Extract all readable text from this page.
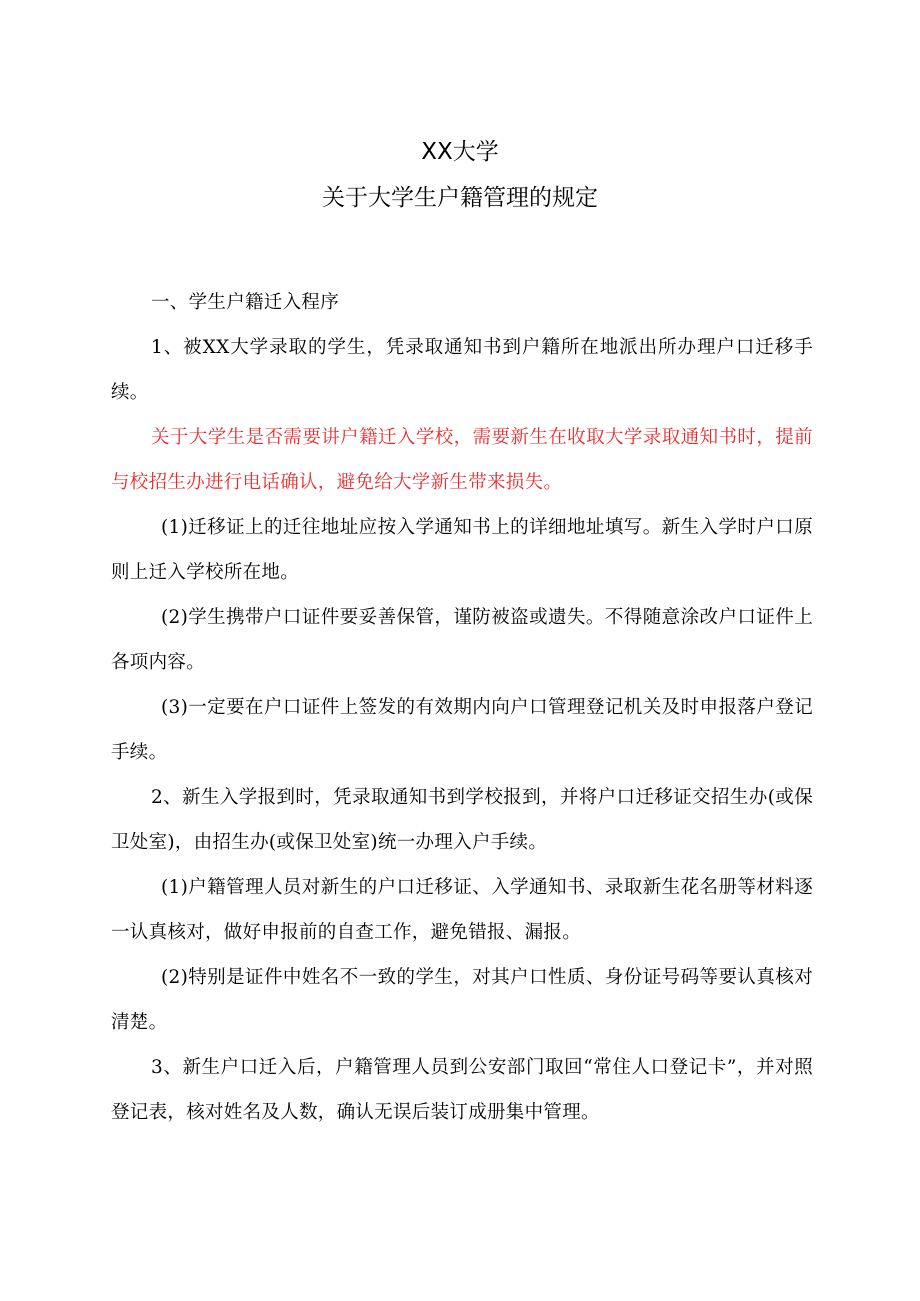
XX大学
关于大学生户籍管理的规定

一、学生户籍迁入程序

1、被XX大学录取的学生，凭录取通知书到户籍所在地派出所办理户口迁移手续。

关于大学生是否需要讲户籍迁入学校，需要新生在收取大学录取通知书时，提前与校招生办进行电话确认，避免给大学新生带来损失。

(1)迁移证上的迁往地址应按入学通知书上的详细地址填写。新生入学时户口原则上迁入学校所在地。

(2)学生携带户口证件要妥善保管，谨防被盗或遗失。不得随意涂改户口证件上各项内容。

(3)一定要在户口证件上签发的有效期内向户口管理登记机关及时申报落户登记手续。

2、新生入学报到时，凭录取通知书到学校报到，并将户口迁移证交招生办(或保卫处室)，由招生办(或保卫处室)统一办理入户手续。

(1)户籍管理人员对新生的户口迁移证、入学通知书、录取新生花名册等材料逐一认真核对，做好申报前的自查工作，避免错报、漏报。

(2)特别是证件中姓名不一致的学生，对其户口性质、身份证号码等要认真核对清楚。

3、新生户口迁入后，户籍管理人员到公安部门取回“常住人口登记卡”，并对照登记表，核对姓名及人数，确认无误后装订成册集中管理。
